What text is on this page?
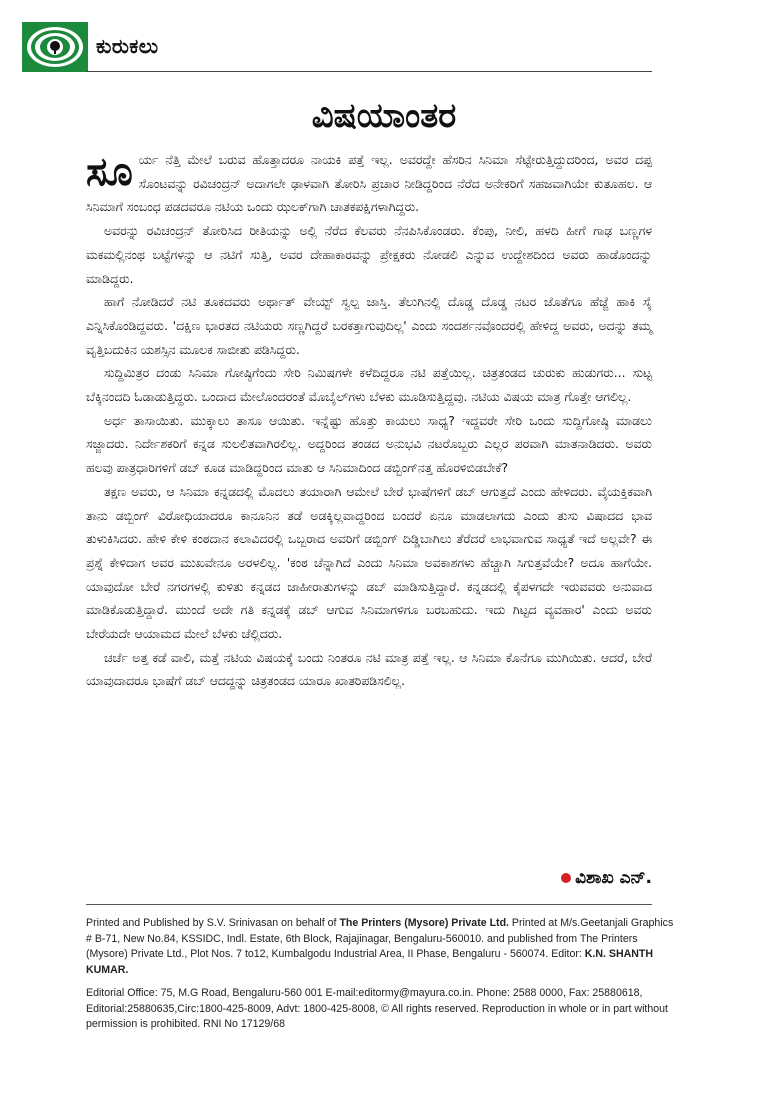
ಕುರುಕಲು
ವಿಷಯಾಂತರ

ಸೂರ್ಯ ನೆತ್ತಿ ಮೇಲೆ ಬರುವ ಹೊತ್ತಾದರೂ ನಾಯಕಿ ಪತ್ತೆ ಇಲ್ಲ. ಅವರದ್ದೇ ಹೆಸರಿನ ಸಿನಿಮಾ ಸೆಟ್ಟೇರುತ್ತಿದ್ದುದರಿಂದ, ಅವರ ದಪ್ಪ ಸೊಂಟವನ್ನು ರವಿಚಂದ್ರನ್ ಅದಾಗಲೇ ಢಾಳವಾಗಿ ತೋರಿಸಿ ಪ್ರಚಾರ ನೀಡಿದ್ದರಿಂದ ನೆರೆದ ಅನೇಕರಿಗೆ ಸಹಜವಾಗಿಯೇ ಕುತೂಹಲ. ಆ ಸಿನಿಮಾಗೆ ಸಂಬಂಧ ಪಡದವರೂ ನಟಿಯ ಒಂದು ಝಲಕ್‌ಗಾಗಿ ಚಾತಕಪಕ್ಷಿಗಳಾಗಿದ್ದರು.

ಅವರನ್ನು ರವಿಚಂದ್ರನ್ ತೋರಿಸಿದ ರೀತಿಯನ್ನು ಅಲ್ಲಿ ನೆರೆದ ಕೆಲವರು ನೆನಪಿಸಿಕೊಂಡರು. ಕೆಂಪು, ನೀಲಿ, ಹಳದಿ ಹೀಗೆ ಗಾಢ ಬಣ್ಣಗಳ ಮಕಮಲ್ಲಿನಂಥ ಬಟ್ಟೆಗಳನ್ನು ಆ ನಟಿಗೆ ಸುತ್ತಿ, ಅವರ ದೇಹಾಕಾರವನ್ನು ಪ್ರೇಕ್ಷಕರು ನೋಡಲಿ ಎನ್ನುವ ಉದ್ದೇಶದಿಂದ ಅವರು ಹಾಡೊಂದನ್ನು ಮಾಡಿದ್ದರು.

ಹಾಗೆ ನೋಡಿದರೆ ನಟಿ ತೂಕದವರು ಅರ್ಥಾತ್ ವೇಯ್ಟ್ ಸ್ವಲ್ಪ ಜಾಸ್ತಿ. ತೆಲುಗಿನಲ್ಲಿ ದೊಡ್ಡ ದೊಡ್ಡ ನಟರ ಜೊತೆಗೂ ಹೆಜ್ಜೆ ಹಾಕಿ ಸೈ ಎನ್ನಿಸಿಕೊಂಡಿದ್ದವರು. 'ದಕ್ಷಿಣ ಭಾರತದ ನಟಿಯರು ಸಣ್ಣಗಿದ್ದರೆ ಬರಕತ್ತಾಗುವುದಿಲ್ಲ' ಎಂದು ಸಂದರ್ಶನವೊಂದರಲ್ಲಿ ಹೇಳಿದ್ದ ಅವರು, ಅದನ್ನು ತಮ್ಮ ವೃತ್ತಿಬದುಕಿನ ಯಶಸ್ಸಿನ ಮೂಲಕ ಸಾಬೀತು ಪಡಿಸಿದ್ದರು.

ಸುದ್ದಿಮಿತ್ರರ ದಂಡು ಸಿನಿಮಾ ಗೋಷ್ಠಿಗೆಂದು ಸೇರಿ ನಿಮಿಷಗಳೇ ಕಳೆದಿದ್ದರೂ ನಟಿ ಪತ್ತೆಯಿಲ್ಲ. ಚಿತ್ರತಂಡದ ಚುರುಕು ಹುಡುಗರು... ಸುಟ್ಟ ಬೆಕ್ಕಿನಂದದಿ ಓಡಾಡುತ್ತಿದ್ದರು. ಒಂದಾದ ಮೇಲೊಂದರಂತೆ ಮೊಬೈಲ್‌ಗಳು ಬೆಳಕು ಮೂಡಿಸುತ್ತಿದ್ದವು. ನಟಿಯ ವಿಷಯ ಮಾತ್ರ ಗೊತ್ತೇ ಆಗಲಿಲ್ಲ.

ಅರ್ಧ ತಾಸಾಯಿತು. ಮುಕ್ಕಾಲು ತಾಸೂ ಆಯಿತು. ಇನ್ನೆಷ್ಟು ಹೊತ್ತು ಕಾಯಲು ಸಾಧ್ಯ? ಇದ್ದವರೇ ಸೇರಿ ಒಂದು ಸುದ್ದಿಗೋಷ್ಠಿ ಮಾಡಲು ಸಜ್ಜಾದರು. ನಿರ್ದೇಶಕರಿಗೆ ಕನ್ನಡ ಸುಲಲಿತವಾಗಿರಲಿಲ್ಲ. ಅದ್ದರಿಂದ ತಂಡದ ಅನುಭವಿ ನಟರೊಬ್ಬರು ಎಲ್ಲರ ಪರವಾಗಿ ಮಾತನಾಡಿದರು. ಅವರು ಹಲವು ಪಾತ್ರಧಾರಿಗಳಿಗೆ ಡಬ್ ಕೂಡ ಮಾಡಿದ್ದರಿಂದ ಮಾತು ಆ ಸಿನಿಮಾದಿಂದ ಡಬ್ಬಿಂಗ್‌ನತ್ತ ಹೊರಳಿಬಿಡಬೇಕೆ?

ತಕ್ಷಣ ಅವರು, ಆ ಸಿನಿಮಾ ಕನ್ನಡದಲ್ಲಿ ಮೊದಲು ತಯಾರಾಗಿ ಆಮೇಲೆ ಬೇರೆ ಭಾಷೆಗಳಿಗೆ ಡಬ್ ಆಗುತ್ತದೆ ಎಂದು ಹೇಳಿದರು. ವೈಯಕ್ತಿಕವಾಗಿ ತಾನು ಡಬ್ಬಿಂಗ್ ವಿರೋಧಿಯಾದರೂ ಕಾನೂನಿನ ತಡೆ ಅಡಕ್ಕಿಲ್ಲವಾದ್ದರಿಂದ ಬಂದರೆ ಏನೂ ಮಾಡಲಾಗದು ಎಂದು ತುಸು ವಿಷಾದದ ಭಾವ ತುಳುಕಿಸಿದರು. ಹೇಳಿ ಕೇಳಿ ಕಂಠದಾನ ಕಲಾವಿದರಲ್ಲಿ ಒಬ್ಬರಾದ ಅವರಿಗೆ ಡಬ್ಬಿಂಗ್ ದಿಡ್ಡಿಬಾಗಿಲು ತೆರೆದರೆ ಲಾಭವಾಗುವ ಸಾಧ್ಯತೆ ಇದೆ ಅಲ್ಲವೇ? ಈ ಪ್ರಶ್ನೆ ಕೇಳಿದಾಗ ಅವರ ಮುಖವೇನೂ ಅರಳಲಿಲ್ಲ. 'ಕಂಠ ಚೆನ್ನಾಗಿದೆ ಎಂದು ಸಿನಿಮಾ ಅವಕಾಶಗಳು ಹೆಚ್ಚಾಗಿ ಸಿಗುತ್ತವೆಯೇ? ಅದೂ ಹಾಗೆಯೇ. ಯಾವುದೋ ಬೇರೆ ನಗರಗಳಲ್ಲಿ ಕುಳಿತು ಕನ್ನಡದ ಜಾಹೀರಾತುಗಳನ್ನು ಡಬ್ ಮಾಡಿಸುತ್ತಿದ್ದಾರೆ. ಕನ್ನಡದಲ್ಲಿ ಕೈಪಳಗದೇ ಇರುವವರು ಅನುವಾದ ಮಾಡಿಕೊಡುತ್ತಿದ್ದಾರೆ. ಮುಂದೆ ಅದೇ ಗತಿ ಕನ್ನಡಕ್ಕೆ ಡಬ್ ಆಗುವ ಸಿನಿಮಾಗಳಿಗೂ ಬರಬಹುದು. ಇದು ಗಿಟ್ಟದ ವ್ಯವಹಾರ' ಎಂದು ಅವರು ಬೇರೆಯದೇ ಆಯಾಮದ ಮೇಲೆ ಬೆಳಕು ಚೆಲ್ಲಿದರು.

ಚರ್ಚೆ ಅತ್ತ ಕಡೆ ವಾಲಿ, ಮತ್ತೆ ನಟಿಯ ವಿಷಯಕ್ಕೆ ಬಂದು ನಿಂತರೂ ನಟಿ ಮಾತ್ರ ಪತ್ತೆ ಇಲ್ಲ. ಆ ಸಿನಿಮಾ ಕೊನೆಗೂ ಮುಗಿಯಿತು. ಆದರೆ, ಬೇರೆ ಯಾವುದಾದರೂ ಭಾಷೆಗೆ ಡಬ್ ಆದದ್ದನ್ನು ಚಿತ್ರತಂಡದ ಯಾರೂ ಖಾತರಿಪಡಿಸಲಿಲ್ಲ.

ವಿಶಾಖ ಎನ್.

Printed and Published by S.V. Srinivasan on behalf of The Printers (Mysore) Private Ltd. Printed at M/s.Geetanjali Graphics # B-71, New No.84, KSSIDC, Indl. Estate, 6th Block, Rajajinagar, Bengaluru-560010. and published from The Printers (Mysore) Private Ltd., Plot Nos. 7 to12, Kumbalgodu Industrial Area, II Phase, Bengaluru - 560074. Editor: K.N. SHANTH KUMAR.

Editorial Office: 75, M.G Road, Bengaluru-560 001 E-mail:editormy@mayura.co.in. Phone: 2588 0000, Fax: 25880618, Editorial:25880635,Circ:1800-425-8009, Advt: 1800-425-8008, © All rights reserved. Reproduction in whole or in part without permission is prohibited. RNI No 17129/68
